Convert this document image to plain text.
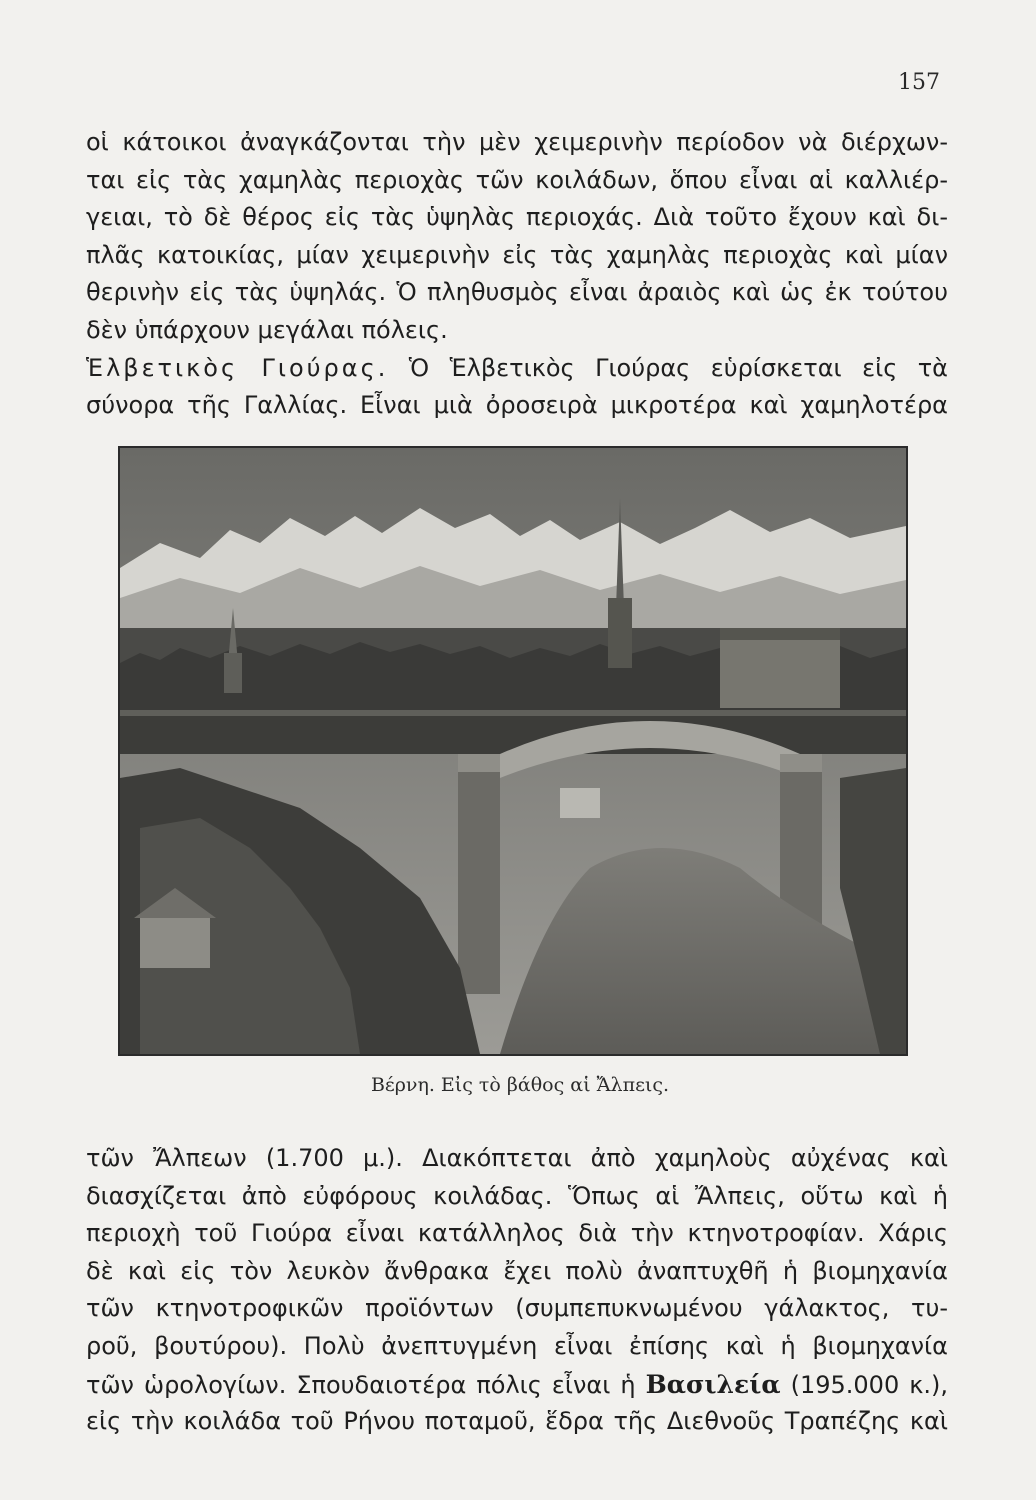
157
οἱ κάτοικοι ἀναγκάζονται τὴν μὲν χειμερινὴν περίοδον νὰ διέρχων-
ται εἰς τὰς χαμηλὰς περιοχὰς τῶν κοιλάδων, ὅπου εἶναι αἱ καλλιέρ-
γειαι, τὸ δὲ θέρος εἰς τὰς ὑψηλὰς περιοχάς. Διὰ τοῦτο ἔχουν καὶ δι-
πλᾶς κατοικίας, μίαν χειμερινὴν εἰς τὰς χαμηλὰς περιοχὰς καὶ μίαν
θερινὴν εἰς τὰς ὑψηλάς. Ὁ πληθυσμὸς εἶναι ἀραιὸς καὶ ὡς ἐκ τούτου
δὲν ὑπάρχουν μεγάλαι πόλεις.
Ἑλβετικὸς Γιούρας. Ὁ Ἑλβετικὸς Γιούρας εὑρίσκεται εἰς τὰ
σύνορα τῆς Γαλλίας. Εἶναι μιὰ ὀροσειρὰ μικροτέρα καὶ χαμηλοτέρα
Βέρνη. Εἰς τὸ βάθος αἱ Ἄλπεις.
τῶν Ἄλπεων (1.700 μ.). Διακόπτεται ἀπὸ χαμηλοὺς αὐχένας καὶ
διασχίζεται ἀπὸ εὐφόρους κοιλάδας. Ὅπως αἱ Ἄλπεις, οὕτω καὶ ἡ
περιοχὴ τοῦ Γιούρα εἶναι κατάλληλος διὰ τὴν κτηνοτροφίαν. Χάρις
δὲ καὶ εἰς τὸν λευκὸν ἄνθρακα ἔχει πολὺ ἀναπτυχθῆ ἡ βιομηχανία
τῶν κτηνοτροφικῶν προϊόντων (συμπεπυκνωμένου γάλακτος, τυ-
ροῦ, βουτύρου). Πολὺ ἀνεπτυγμένη εἶναι ἐπίσης καὶ ἡ βιομηχανία
τῶν ὡρολογίων. Σπουδαιοτέρα πόλις εἶναι ἡ Βασιλεία (195.000 κ.),
εἰς τὴν κοιλάδα τοῦ Ρήνου ποταμοῦ, ἕδρα τῆς Διεθνοῦς Τραπέζης καὶ
